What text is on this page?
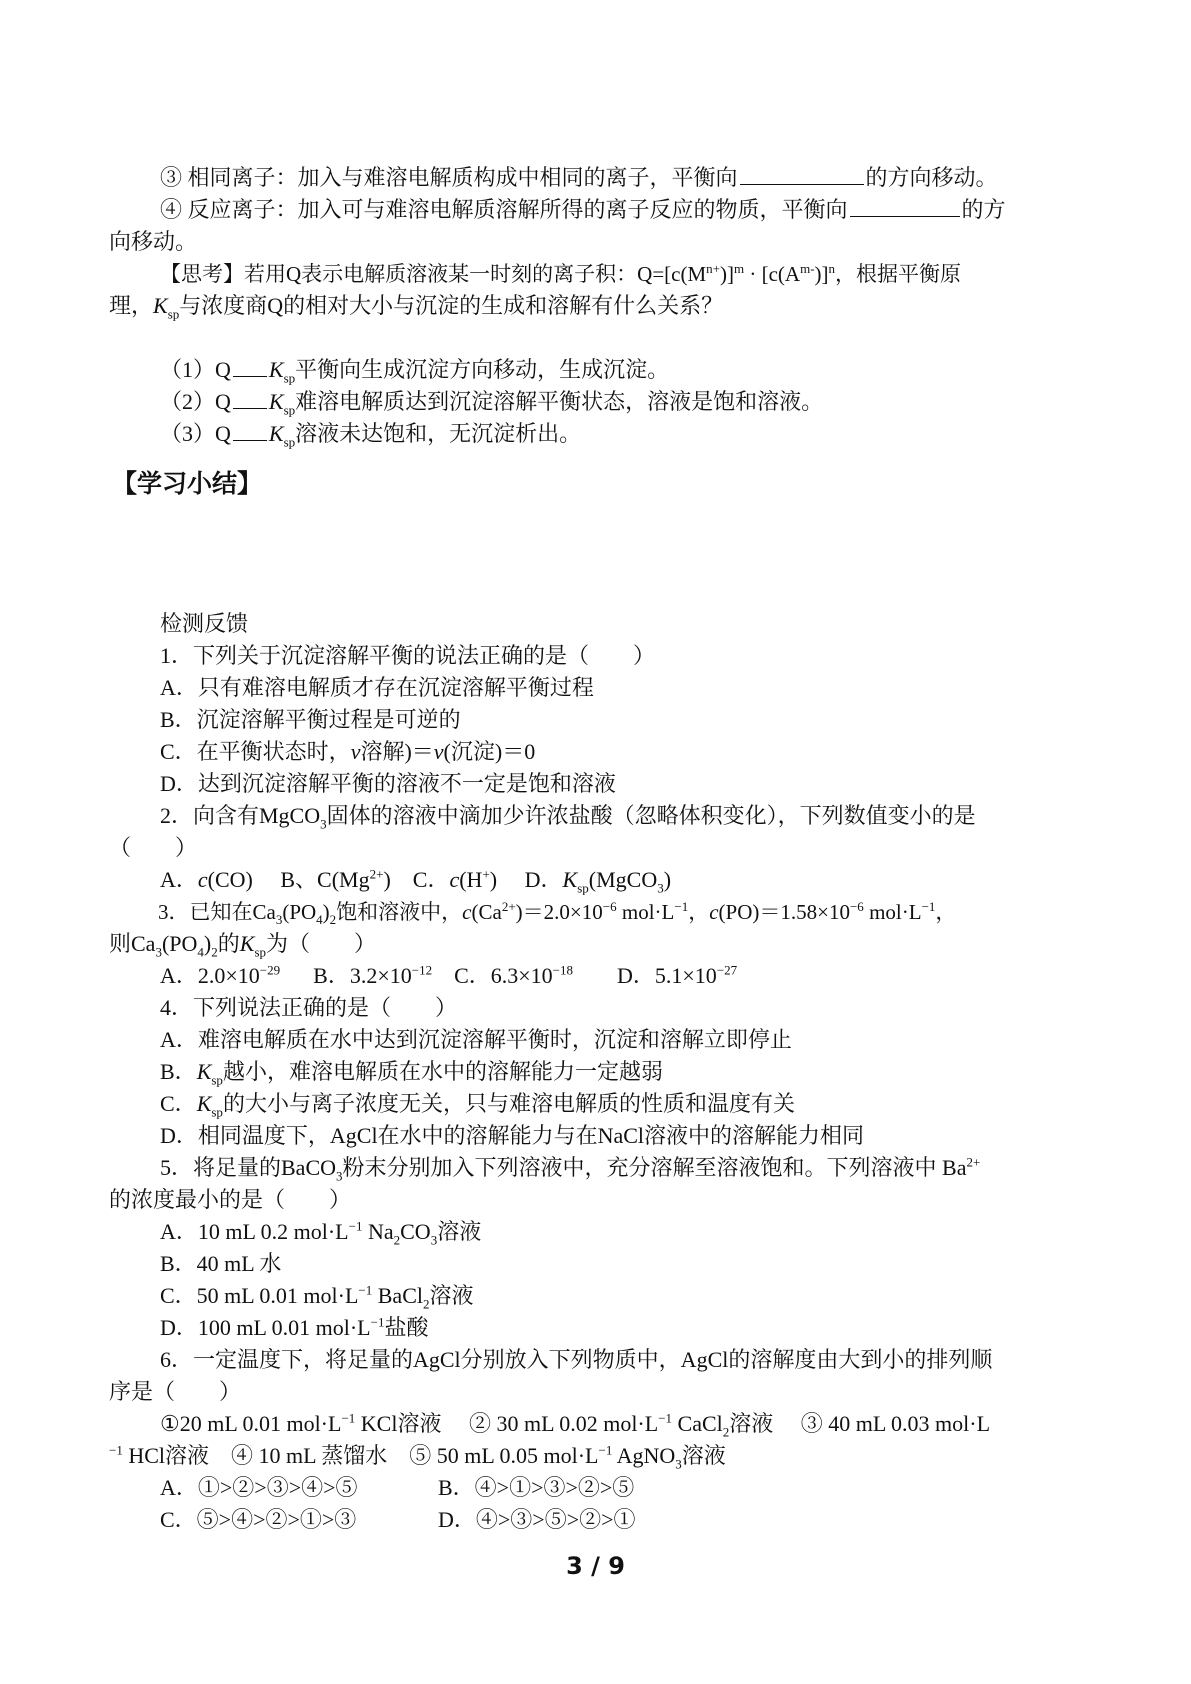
③ 相同离子：加入与难溶电解质构成中相同的离子，平衡向	的方向移动。
④ 反应离子：加入可与难溶电解质溶解所得的离子反应的物质，平衡向	的方
向移动。
【思考】若用Q表示电解质溶液某一时刻的离子积：$Q=[c(M^{n+})]^m \cdot [c(A^{m-})]^n$，根据平衡原
理，$K_{sp}$与浓度商Q的相对大小与沉淀的生成和溶解有什么关系？
（1）Q $K_{sp}$平衡向生成沉淀方向移动，生成沉淀。
（2）Q $K_{sp}$难溶电解质达到沉淀溶解平衡状态，溶液是饱和溶液。
（3）Q $K_{sp}$溶液未达饱和，无沉淀析出。
【学习小结】
检测反馈
1．下列关于沉淀溶解平衡的说法正确的是（　　）
A．只有难溶电解质才存在沉淀溶解平衡过程
B．沉淀溶解平衡过程是可逆的
C．在平衡状态时，v溶解)＝v(沉淀)＝0
D．达到沉淀溶解平衡的溶液不一定是饱和溶液
2．向含有MgCO$_3$固体的溶液中滴加少许浓盐酸（忽略体积变化），下列数值变小的是
（　　）
A．c(CO)　 B、$C(Mg^{2+})$　C．c(H+)　 D．$K_{sp}(MgCO_3)$
3．已知在$Ca_3(PO_4)_2$饱和溶液中，$c(Ca^{2+})=2.0\times 10^{-6}$ $mol\cdot L^{-1}$，$c(PO)=1.58\times 10^{-6}$ $mol\cdot L^{-1}$，
则$Ca_3(PO_4)_2$的$K_{sp}$为（　　）
A．$2.0\times 10^{-29}$  　B．$3.2\times 10^{-12}$　C．$6.3\times 10^{-18}$   　 D．$5.1\times 10^{-27}$
4．下列说法正确的是（　　）
A．难溶电解质在水中达到沉淀溶解平衡时，沉淀和溶解立即停止
B．$K_{sp}$越小，难溶电解质在水中的溶解能力一定越弱
C．$K_{sp}$的大小与离子浓度无关，只与难溶电解质的性质和温度有关
D．相同温度下，AgCl在水中的溶解能力与在NaCl溶液中的溶解能力相同
5．将足量的BaCO$_3$粉末分别加入下列溶液中，充分溶解至溶液饱和。下列溶液中 $Ba^{2+}$
的浓度最小的是（　　）
A．10 mL 0.2 $mol\cdot L^{-1}$ $Na_2CO_3$溶液
B．40 mL 水
C．50 mL 0.01 $mol\cdot L^{-1}$ BaCl$_2$溶液
D．100 mL 0.01 $mol\cdot L^{-1}$盐酸
6．一定温度下，将足量的AgCl分别放入下列物质中，AgCl的溶解度由大到小的排列顺
序是（　　）
①20 mL 0.01 $mol\cdot L^{-1}$ KCl溶液　 ② 30 mL 0.02 $mol\cdot L^{-1}$ CaCl$_2$溶液　 ③ 40 mL 0.03 mol·L
$^{-1}$ HCl溶液　④ 10 mL 蒸馏水　⑤ 50 mL 0.05 $mol\cdot L^{-1}$ AgNO$_3$溶液
A．①>②>③>④>⑤	B．④>①>③>②>⑤
C．⑤>④>②>①>③	D．④>③>⑤>②>①
3 / 9
